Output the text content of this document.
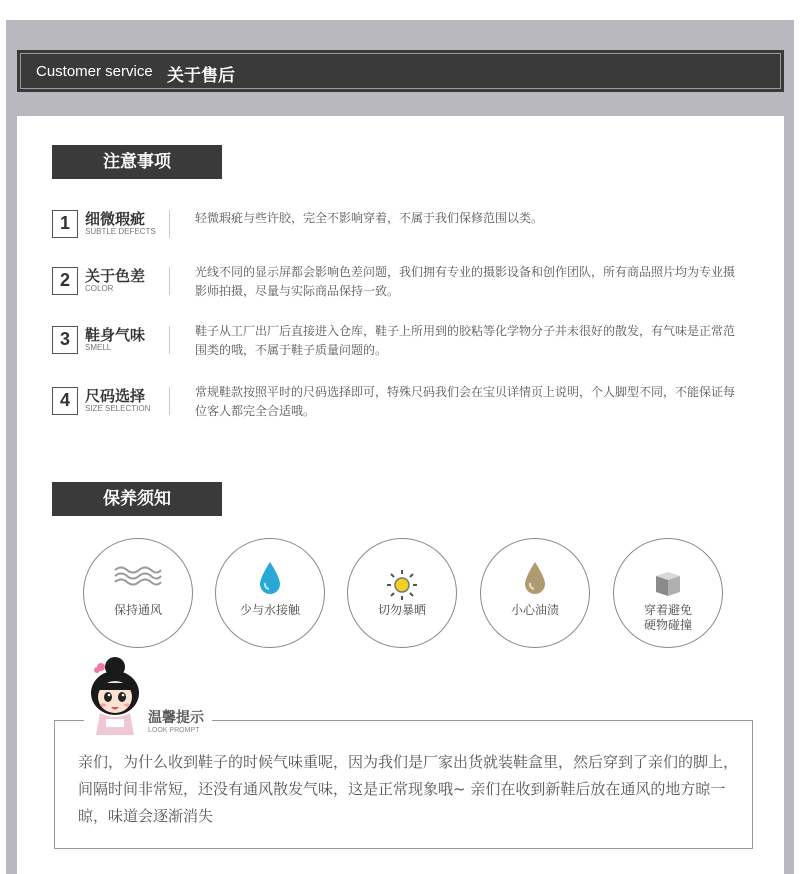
Customer service 关于售后
注意事项
1	细微瑕疵
SUBTLE DEFECTS
轻微瑕疵与些许胶，完全不影响穿着，不属于我们保修范围以类。
2	关于色差
COLOR
光线不同的显示屏都会影响色差问题，我们拥有专业的摄影设备和创作团队，所有商品照片均为专业摄影师拍摄，尽量与实际商品保持一致。
3	鞋身气味
SMELL
鞋子从工厂出厂后直接进入仓库，鞋子上所用到的胶粘等化学物分子并未很好的散发，有气味是正常范围类的哦，不属于鞋子质量问题的。
4	尺码选择
SIZE SELECTION
常规鞋款按照平时的尺码选择即可，特殊尺码我们会在宝贝详情页上说明，个人脚型不同，不能保证每位客人都完全合适哦。
保养须知
保持通风	少与水接触	切勿暴晒	小心油渍	穿着避免
硬物碰撞
亲们，为什么收到鞋子的时候气味重呢，因为我们是厂家出货就装鞋盒里，然后穿到了亲们的脚上，间隔时间非常短，还没有通风散发气味，这是正常现象哦~ 亲们在收到新鞋后放在通风的地方晾一晾，味道会逐渐消失
温馨提示
LOOK PROMPT
